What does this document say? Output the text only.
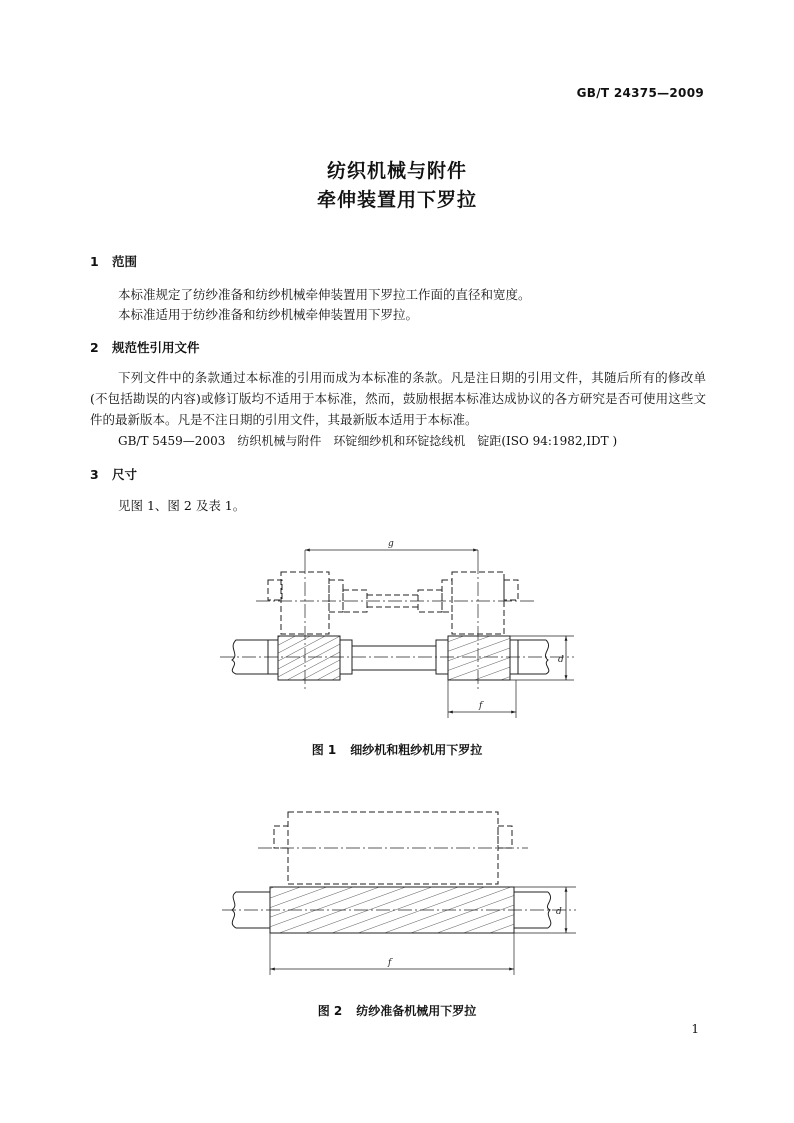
GB/T 24375—2009
纺织机械与附件
牵伸装置用下罗拉
1 范围
本标准规定了纺纱准备和纺纱机械牵伸装置用下罗拉工作面的直径和宽度。
本标准适用于纺纱准备和纺纱机械牵伸装置用下罗拉。
2 规范性引用文件
下列文件中的条款通过本标准的引用而成为本标准的条款。凡是注日期的引用文件，其随后所有的修改单(不包括勘误的内容)或修订版均不适用于本标准，然而，鼓励根据本标准达成协议的各方研究是否可使用这些文件的最新版本。凡是不注日期的引用文件，其最新版本适用于本标准。
GB/T 5459—2003　纺织机械与附件　环锭细纱机和环锭捻线机　锭距(ISO 94:1982,IDT )
3 尺寸
见图 1、图 2 及表 1。
g
f
d
f
d
图 1 细纱机和粗纱机用下罗拉
图 2 纺纱准备机械用下罗拉
1
